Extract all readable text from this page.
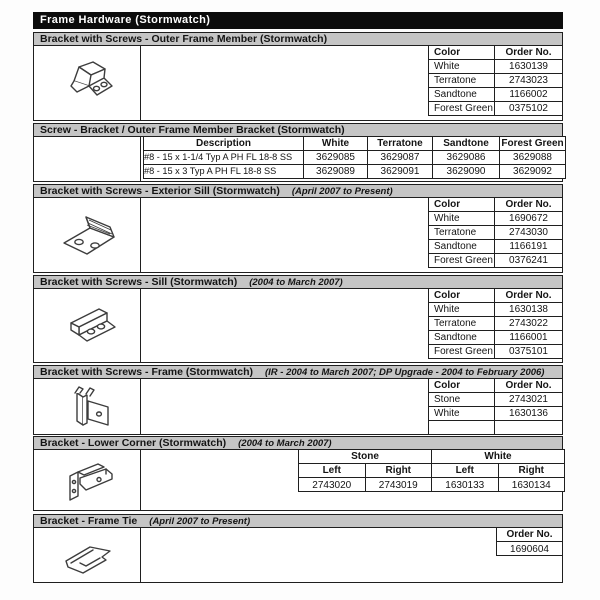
Frame Hardware (Stormwatch)
Bracket with Screws - Outer Frame Member (Stormwatch)
Color	Order No.
White	1630139
Terratone	2743023
Sandtone	1166002
Forest Green	0375102
Screw - Bracket / Outer Frame Member Bracket (Stormwatch)
Description	White	Terratone	Sandtone	Forest Green
#8 - 15 x 1-1/4 Typ A PH FL 18-8 SS	3629085	3629087	3629086	3629088
#8 - 15 x 3 Typ A PH FL 18-8 SS	3629089	3629091	3629090	3629092
Bracket with Screws - Exterior Sill (Stormwatch) (April 2007 to Present)
Color	Order No.
White	1690672
Terratone	2743030
Sandtone	1166191
Forest Green	0376241
Bracket with Screws - Sill (Stormwatch) (2004 to March 2007)
Color	Order No.
White	1630138
Terratone	2743022
Sandtone	1166001
Forest Green	0375101
Bracket with Screws - Frame (Stormwatch) (IR - 2004 to March 2007; DP Upgrade - 2004 to February 2006)
Color	Order No.
Stone	2743021
White	1630136

Bracket - Lower Corner (Stormwatch) (2004 to March 2007)
Stone		White	
Left	Right	Left	Right
2743020	2743019	1630133	1630134
Bracket - Frame Tie (April 2007 to Present)
Order No.
1690604
